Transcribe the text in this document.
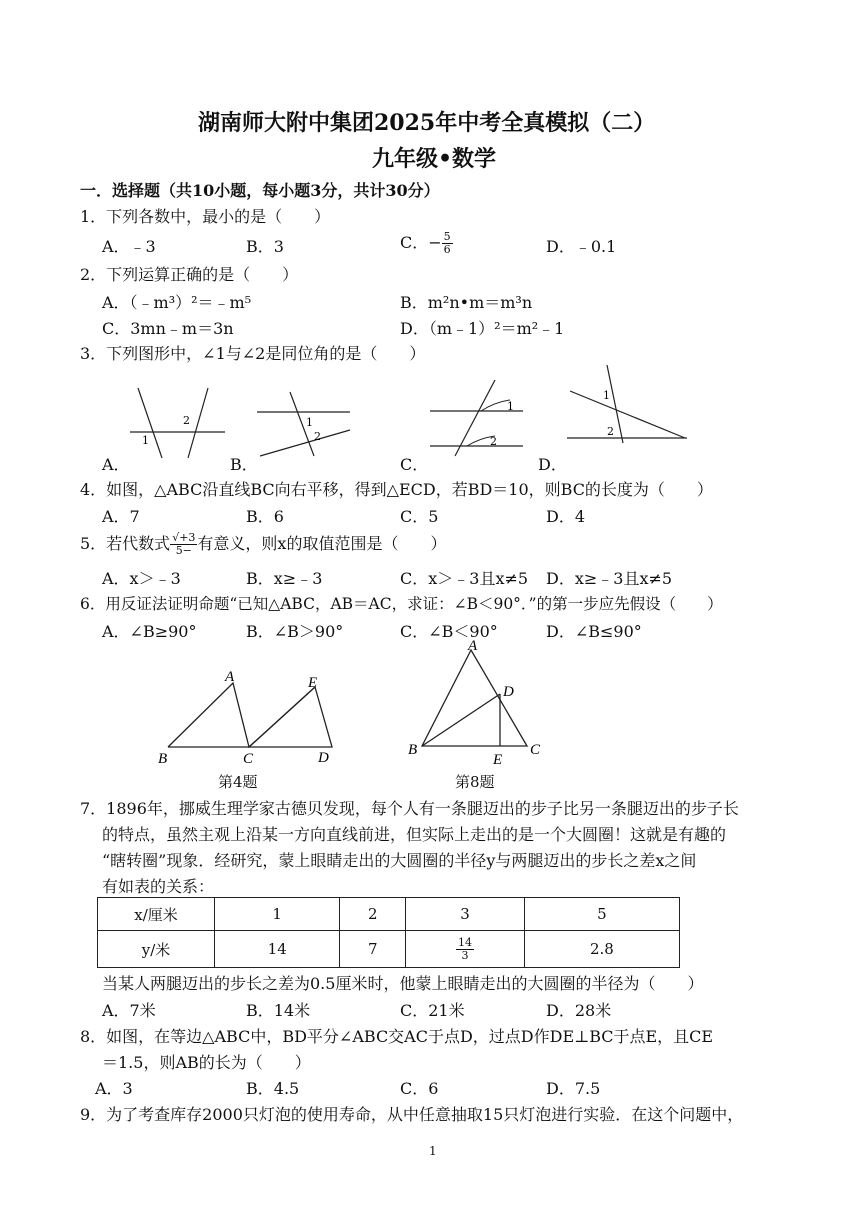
湖南师大附中集团2025年中考全真模拟（二）
九年级•数学
一．选择题（共10小题，每小题3分，共计30分）
1．下列各数中，最小的是（　　）
A．﹣3	B．3	C．− $\frac{5}{6}$	D．﹣0.1
2．下列运算正确的是（　　）
A．（﹣m³）²＝﹣m⁵	B．m²n•m＝m³n
C．3mn﹣m＝3n	D．（m﹣1）²＝m²﹣1
3．下列图形中，∠1与∠2是同位角的是（　　）
1
2
A．
1
2
B．
1
2
C．
1
2
D．
4．如图，△ABC沿直线BC向右平移，得到△ECD，若BD＝10，则BC的长度为（　　）
A．7	B．6	C．5	D．4
5．若代数式 $\frac{√+3}{5-}$ 有意义，则x的取值范围是（　　）
A．x＞﹣3	B．x≥﹣3	C．x＞﹣3且x≠5 D．x≥﹣3且x≠5
6．用反证法证明命题“已知△ABC，AB＝AC，求证：∠B＜90°．”的第一步应先假设（　　）
A．∠B≥90°	B．∠B＞90°	C．∠B＜90°	D．∠B≤90°
A	E
B	C	D
第4题
A
D
B	C
E
第8题
7．1896年，挪威生理学家古德贝发现，每个人有一条腿迈出的步子比另一条腿迈出的步子长
的特点，虽然主观上沿某一方向直线前进，但实际上走出的是一个大圆圈！这就是有趣的
“瞎转圈”现象．经研究，蒙上眼睛走出的大圆圈的半径y与两腿迈出的步长之差x之间
有如表的关系：
x/厘米	1	2	3	5
y/米	14	7	$\frac{14}{3}$	2.8
当某人两腿迈出的步长之差为0.5厘米时，他蒙上眼睛走出的大圆圈的半径为（　　）
A．7米	B．14米	C．21米	D．28米
8．如图，在等边△ABC中，BD平分∠ABC交AC于点D，过点D作DE⊥BC于点E，且CE
＝1.5，则AB的长为（　　）
A．3	B．4.5	C．6	D．7.5
9．为了考查库存2000只灯泡的使用寿命，从中任意抽取15只灯泡进行实验．在这个问题中，
1
